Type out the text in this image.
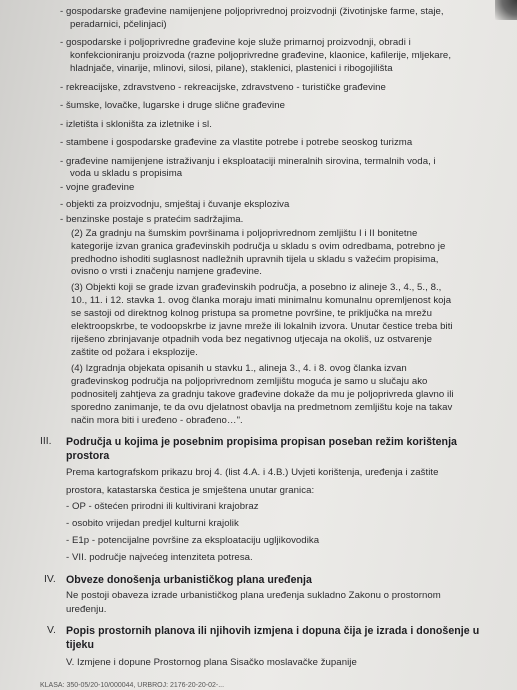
- gospodarske građevine namijenjene poljoprivrednoj proizvodnji (životinjske farme, staje,
peradarnici, pčelinjaci)
- gospodarske i poljoprivredne građevine koje služe primarnoj proizvodnji, obradi i
konfekcioniranju proizvoda (razne poljoprivredne građevine, klaonice, kafilerije, mljekare,
hladnjače, vinarije, mlinovi, silosi, pilane), staklenici, plastenici i ribogojilišta
- rekreacijske, zdravstveno - rekreacijske, zdravstveno - turističke građevine
- šumske, lovačke, lugarske i druge slične građevine
- izletišta i skloništa za izletnike i sl.
- stambene i gospodarske građevine za vlastite potrebe i potrebe seoskog turizma
- građevine namijenjene istraživanju i eksploataciji mineralnih sirovina, termalnih voda, i
voda u skladu s propisima
- vojne građevine
- objekti za proizvodnju, smještaj i čuvanje eksploziva
- benzinske postaje s pratećim sadržajima.
(2) Za gradnju na šumskim površinama i poljoprivrednom zemljištu I i II bonitetne
kategorije izvan granica građevinskih područja u skladu s ovim odredbama, potrebno je
predhodno ishoditi suglasnost nadležnih upravnih tijela u skladu s važećim propisima,
ovisno o vrsti i značenju namjene građevine.
(3) Objekti koji se grade izvan građevinskih područja, a posebno iz alineje 3., 4., 5., 8.,
10., 11. i 12. stavka 1. ovog članka moraju imati minimalnu komunalnu opremljenost koja
se sastoji od direktnog kolnog pristupa sa prometne površine, te priključka na mrežu
elektroopskrbe, te vodoopskrbe iz javne mreže ili lokalnih izvora. Unutar čestice treba biti
riješeno zbrinjavanje otpadnih voda bez negativnog utjecaja na okoliš, uz ostvarenje
zaštite od požara i eksplozije.
(4) Izgradnja objekata opisanih u stavku 1., alineja 3., 4. i 8. ovog članka izvan
građevinskog područja na poljoprivrednom zemljištu moguća je samo u slučaju ako
podnositelj zahtjeva za gradnju takove građevine dokaže da mu je poljoprivreda glavno ili
sporedno zanimanje, te da ovu djelatnost obavlja na predmetnom zemljištu koje na takav
način mora biti i uređeno - obrađeno…".
III. Područja u kojima je posebnim propisima propisan poseban režim korištenja
prostora
Prema kartografskom prikazu broj 4. (list 4.A. i 4.B.) Uvjeti korištenja, uređenja i zaštite
prostora, katastarska čestica je smještena unutar granica:
- OP - oštećen prirodni ili kultivirani krajobraz
- osobito vrijedan predjel kulturni krajolik
- E1p - potencijalne površine za eksploataciju ugljikovodika
- VII. područje najvećeg intenziteta potresa.
IV. Obveze donošenja urbanističkog plana uređenja
Ne postoji obaveza izrade urbanističkog plana uređenja sukladno Zakonu o prostornom
uređenju.
V. Popis prostornih planova ili njihovih izmjena i dopuna čija je izrada i donošenje u
tijeku
V. Izmjene i dopune Prostornog plana Sisačko moslavačke županije
KLASA: 350-05/20-10/000044, URBROJ: 2176-20-20-02-...
